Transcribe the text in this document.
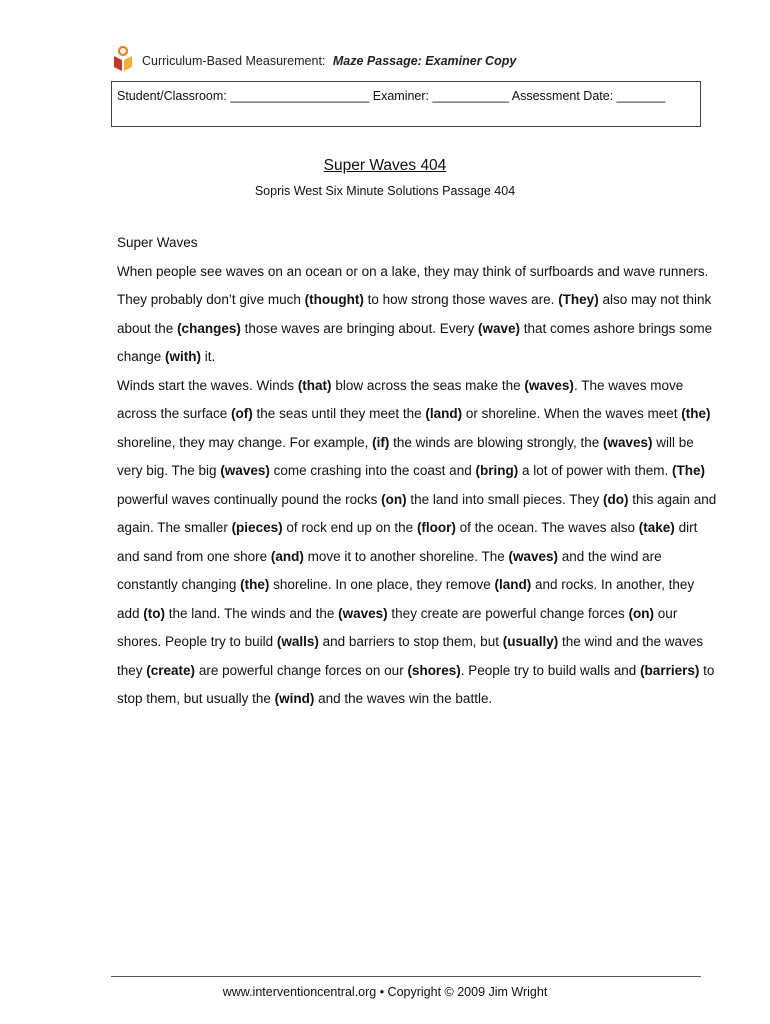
Curriculum-Based Measurement: Maze Passage: Examiner Copy
Student/Classroom: ____________________ Examiner: ___________ Assessment Date: _______
Super Waves 404
Sopris West Six Minute Solutions Passage 404
Super Waves
When people see waves on an ocean or on a lake, they may think of surfboards and wave runners. They probably don’t give much (thought) to how strong those waves are. (They) also may not think about the (changes) those waves are bringing about. Every (wave) that comes ashore brings some change (with) it.
Winds start the waves. Winds (that) blow across the seas make the (waves). The waves move across the surface (of) the seas until they meet the (land) or shoreline. When the waves meet (the) shoreline, they may change. For example, (if) the winds are blowing strongly, the (waves) will be very big. The big (waves) come crashing into the coast and (bring) a lot of power with them. (The) powerful waves continually pound the rocks (on) the land into small pieces. They (do) this again and again. The smaller (pieces) of rock end up on the (floor) of the ocean. The waves also (take) dirt and sand from one shore (and) move it to another shoreline. The (waves) and the wind are constantly changing (the) shoreline. In one place, they remove (land) and rocks. In another, they add (to) the land. The winds and the (waves) they create are powerful change forces (on) our shores. People try to build (walls) and barriers to stop them, but (usually) the wind and the waves they (create) are powerful change forces on our (shores). People try to build walls and (barriers) to stop them, but usually the (wind) and the waves win the battle.
www.interventioncentral.org • Copyright © 2009 Jim Wright
